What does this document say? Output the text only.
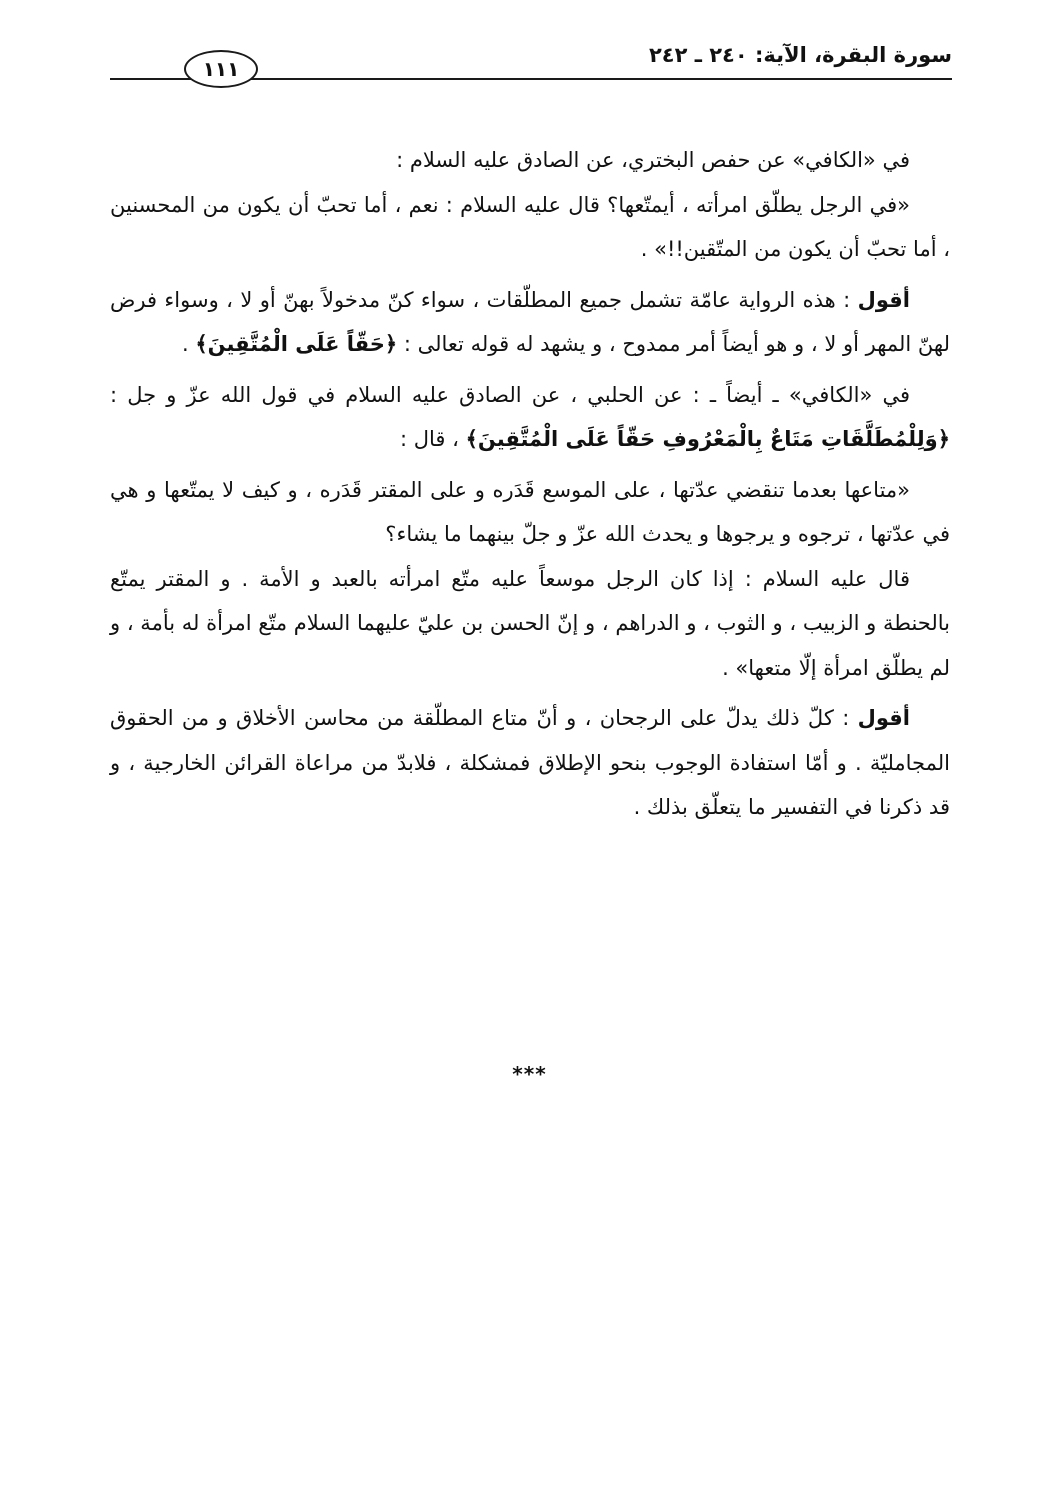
سورة البقرة، الآية: ٢٤٠ ـ ٢٤٢
١١١

في «الكافي» عن حفص البختري، عن الصادق عليه السلام :

«في الرجل يطلّق امرأته ، أيمتّعها؟ قال عليه السلام : نعم ، أما تحبّ أن يكون من المحسنين ، أما تحبّ أن يكون من المتّقين!!» .

أقول : هذه الرواية عامّة تشمل جميع المطلّقات ، سواء كنّ مدخولاً بهنّ أو لا ، وسواء فرض لهنّ المهر أو لا ، و هو أيضاً أمر ممدوح ، و يشهد له قوله تعالى : ﴿حَقّاً عَلَى الْمُتَّقِينَ﴾ .

في «الكافي» ـ أيضاً ـ : عن الحلبي ، عن الصادق عليه السلام في قول الله عزّ و جل : ﴿وَلِلْمُطَلَّقَاتِ مَتَاعٌ بِالْمَعْرُوفِ حَقّاً عَلَى الْمُتَّقِينَ﴾ ، قال :

«متاعها بعدما تنقضي عدّتها ، على الموسع قَدَره و على المقتر قَدَره ، و كيف لا يمتّعها و هي في عدّتها ، ترجوه و يرجوها و يحدث الله عزّ و جلّ بينهما ما يشاء؟

قال عليه السلام : إذا كان الرجل موسعاً عليه متّع امرأته بالعبد و الأمة . و المقتر يمتّع بالحنطة و الزبيب ، و الثوب ، و الدراهم ، و إنّ الحسن بن عليّ عليهما السلام متّع امرأة له بأمة ، و لم يطلّق امرأة إلّا متعها» .

أقول : كلّ ذلك يدلّ على الرجحان ، و أنّ متاع المطلّقة من محاسن الأخلاق و من الحقوق المجامليّة . و أمّا استفادة الوجوب بنحو الإطلاق فمشكلة ، فلابدّ من مراعاة القرائن الخارجية ، و قد ذكرنا في التفسير ما يتعلّق بذلك .

***
